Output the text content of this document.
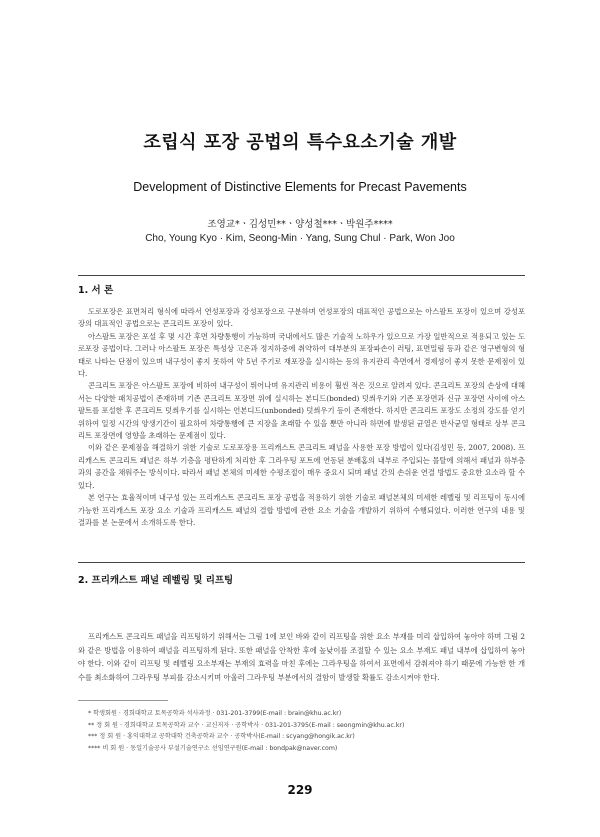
조립식 포장 공법의 특수요소기술 개발
Development of Distinctive Elements for Precast Pavements
조영교*ㆍ김성민**ㆍ양성철***ㆍ박원주****
Cho, Young Kyo · Kim, Seong-Min · Yang, Sung Chul · Park, Won Joo
1. 서 론

도로포장은 표면처리 형식에 따라서 연성포장과 강성포장으로 구분하며 연성포장의 대표적인 공법으로는 아스팔트 포장이 있으며 강성포장의 대표적인 공법으로는 콘크리트 포장이 있다.

아스팔트 포장은 포설 후 몇 시간 후면 차량통행이 가능하며 국내에서도 많은 기술적 노하우가 있으므로 가장 일반적으로 적용되고 있는 도로포장 공법이다. 그러나 아스팔트 포장은 특성상 고온과 정지하중에 취약하여 대부분의 포장파손이 러팅, 표면밀림 등과 같은 영구변형의 형태로 나타는 단점이 있으며 내구성이 좋지 못하여 약 5년 주기로 재포장을 실시하는 등의 유지관리 측면에서 경제성이 좋지 못한 문제점이 있다.

콘크리트 포장은 아스팔트 포장에 비하여 내구성이 뛰어나며 유지관리 비용이 훨씬 적은 것으로 알려져 있다. 콘크리트 포장의 손상에 대해서는 다양한 패치공법이 존재하며 기존 콘크리트 포장면 위에 실시하는 본디드(bonded) 덧씌우기와 기존 포장면과 신규 포장면 사이에 아스팔트를 포설한 후 콘크리트 덧씌우기를 실시하는 언본디드(unbonded) 덧씌우기 등이 존재한다. 하지만 콘크리트 포장도 소정의 강도를 얻기 위하여 일정 시간의 양생기간이 필요하여 차량통행에 큰 지장을 초래할 수 있을 뿐만 아니라 하면에 발생된 균열은 반사균열 형태로 상부 콘크리트 포장면에 영향을 초래하는 문제점이 있다.

이와 같은 문제점을 해결하기 위한 기술로 도로포장용 프리캐스트 콘크리트 패널을 사용한 포장 방법이 있다(김성민 등, 2007, 2008). 프리캐스트 콘크리트 패널은 하부 기층을 평탄하게 처리한 후 그라우팅 포트에 연동된 분배홈의 내부로 주입되는 몰탈에 의해서 패널과 하부층과의 공간을 채워주는 방식이다. 따라서 패널 본체의 미세한 수평조절이 매우 중요시 되며 패널 간의 손쉬운 연결 방법도 중요한 요소라 할 수 있다.

본 연구는 효율적이며 내구성 있는 프리캐스트 콘크리트 포장 공법을 적용하기 위한 기술로 패널본체의 미세한 레벨링 및 리프팅이 동시에 가능한 프리캐스트 포장 요소 기술과 프리캐스트 패널의 결합 방법에 관한 요소 기술을 개발하기 위하여 수행되었다. 이러한 연구의 내용 및 결과를 본 논문에서 소개하도록 한다.

2. 프리캐스트 패널 레벨링 및 리프팅

프리캐스트 콘크리트 패널을 리프팅하기 위해서는 그림 1에 보인 바와 같이 리프팅을 위한 요소 부재를 미리 삽입하여 놓아야 하며 그림 2와 같은 방법을 이용하여 패널을 리프팅하게 된다. 또한 패널을 안착한 후에 높낮이를 조절할 수 있는 요소 부재도 패널 내부에 삽입하여 놓아야 한다. 이와 같이 리프팅 및 레벨링 요소부재는 부재의 효력을 마친 후에는 그라우팅을 하여서 표면에서 감춰져야 하기 때문에 가능한 한 개수를 최소화하여 그라우팅 부피를 감소시키며 아울러 그라우팅 부분에서의 결함이 발생할 확률도 감소시켜야 한다.

* 학생회원 · 경희대학교 토목공학과 석사과정 · 031-201-3799(E-mail : brain@khu.ac.kr)
** 정 회 원 · 경희대학교 토목공학과 교수 · 교신저자 · 공학박사 · 031-201-3795(E-mail : seongmin@khu.ac.kr)
*** 정 회 원 · 홍익대학교 공학대학 건축공학과 교수 · 공학박사(E-mail : scyang@hongik.ac.kr)
**** 비 회 원 · 동일기술공사 부설기술연구소 선임연구원(E-mail : bondpak@naver.com)
229
